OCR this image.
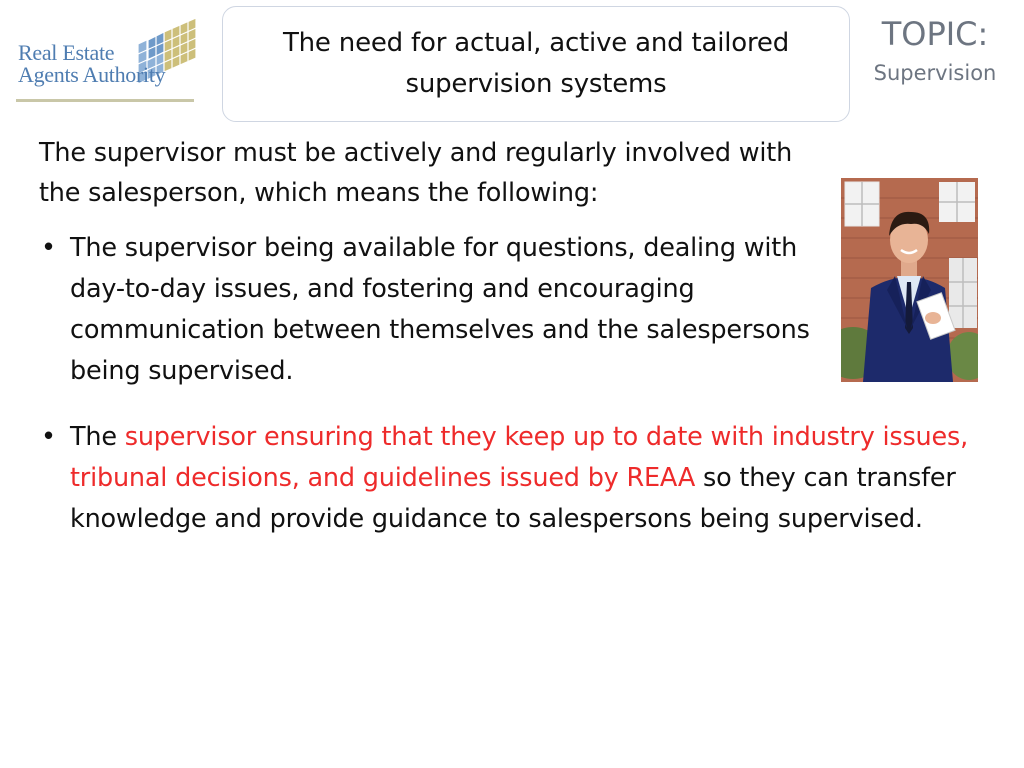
Real Estate
Agents Authority
The need for actual, active and tailored supervision systems
TOPIC:
Supervision
The supervisor must be actively and regularly involved with the salesperson, which means the following:
• The supervisor being available for questions, dealing with day-to-day issues, and fostering and encouraging communication between themselves and the salespersons being supervised.
• The supervisor ensuring that they keep up to date with industry issues, tribunal decisions, and guidelines issued by REAA so they can transfer knowledge and provide guidance to salespersons being supervised.
